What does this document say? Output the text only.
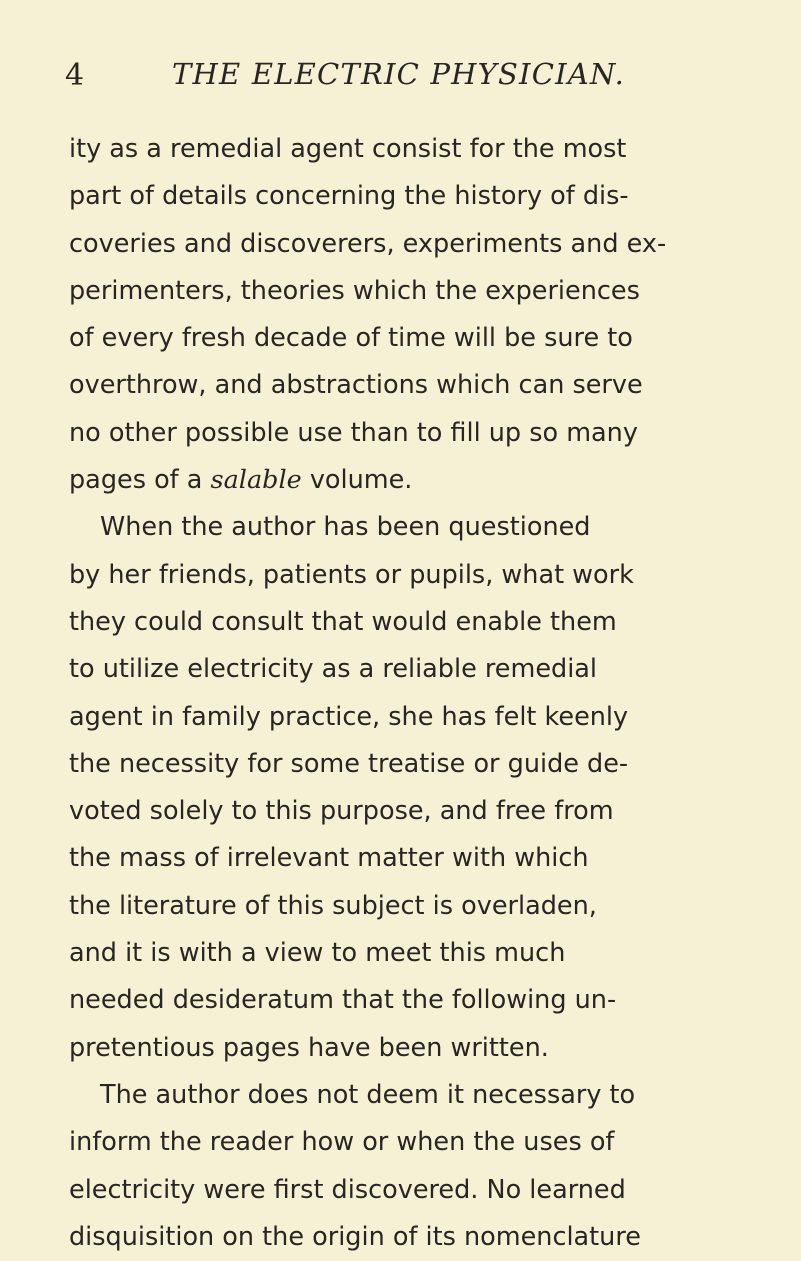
4	THE ELECTRIC PHYSICIAN.
ity as a remedial agent consist for the most
part of details concerning the history of dis-
coveries and discoverers, experiments and ex-
perimenters, theories which the experiences
of every fresh decade of time will be sure to
overthrow, and abstractions which can serve
no other possible use than to fill up so many
pages of a salable volume.
When the author has been questioned
by her friends, patients or pupils, what work
they could consult that would enable them
to utilize electricity as a reliable remedial
agent in family practice, she has felt keenly
the necessity for some treatise or guide de-
voted solely to this purpose, and free from
the mass of irrelevant matter with which
the literature of this subject is overladen,
and it is with a view to meet this much
needed desideratum that the following un-
pretentious pages have been written.
The author does not deem it necessary to
inform the reader how or when the uses of
electricity were first discovered. No learned
disquisition on the origin of its nomenclature
